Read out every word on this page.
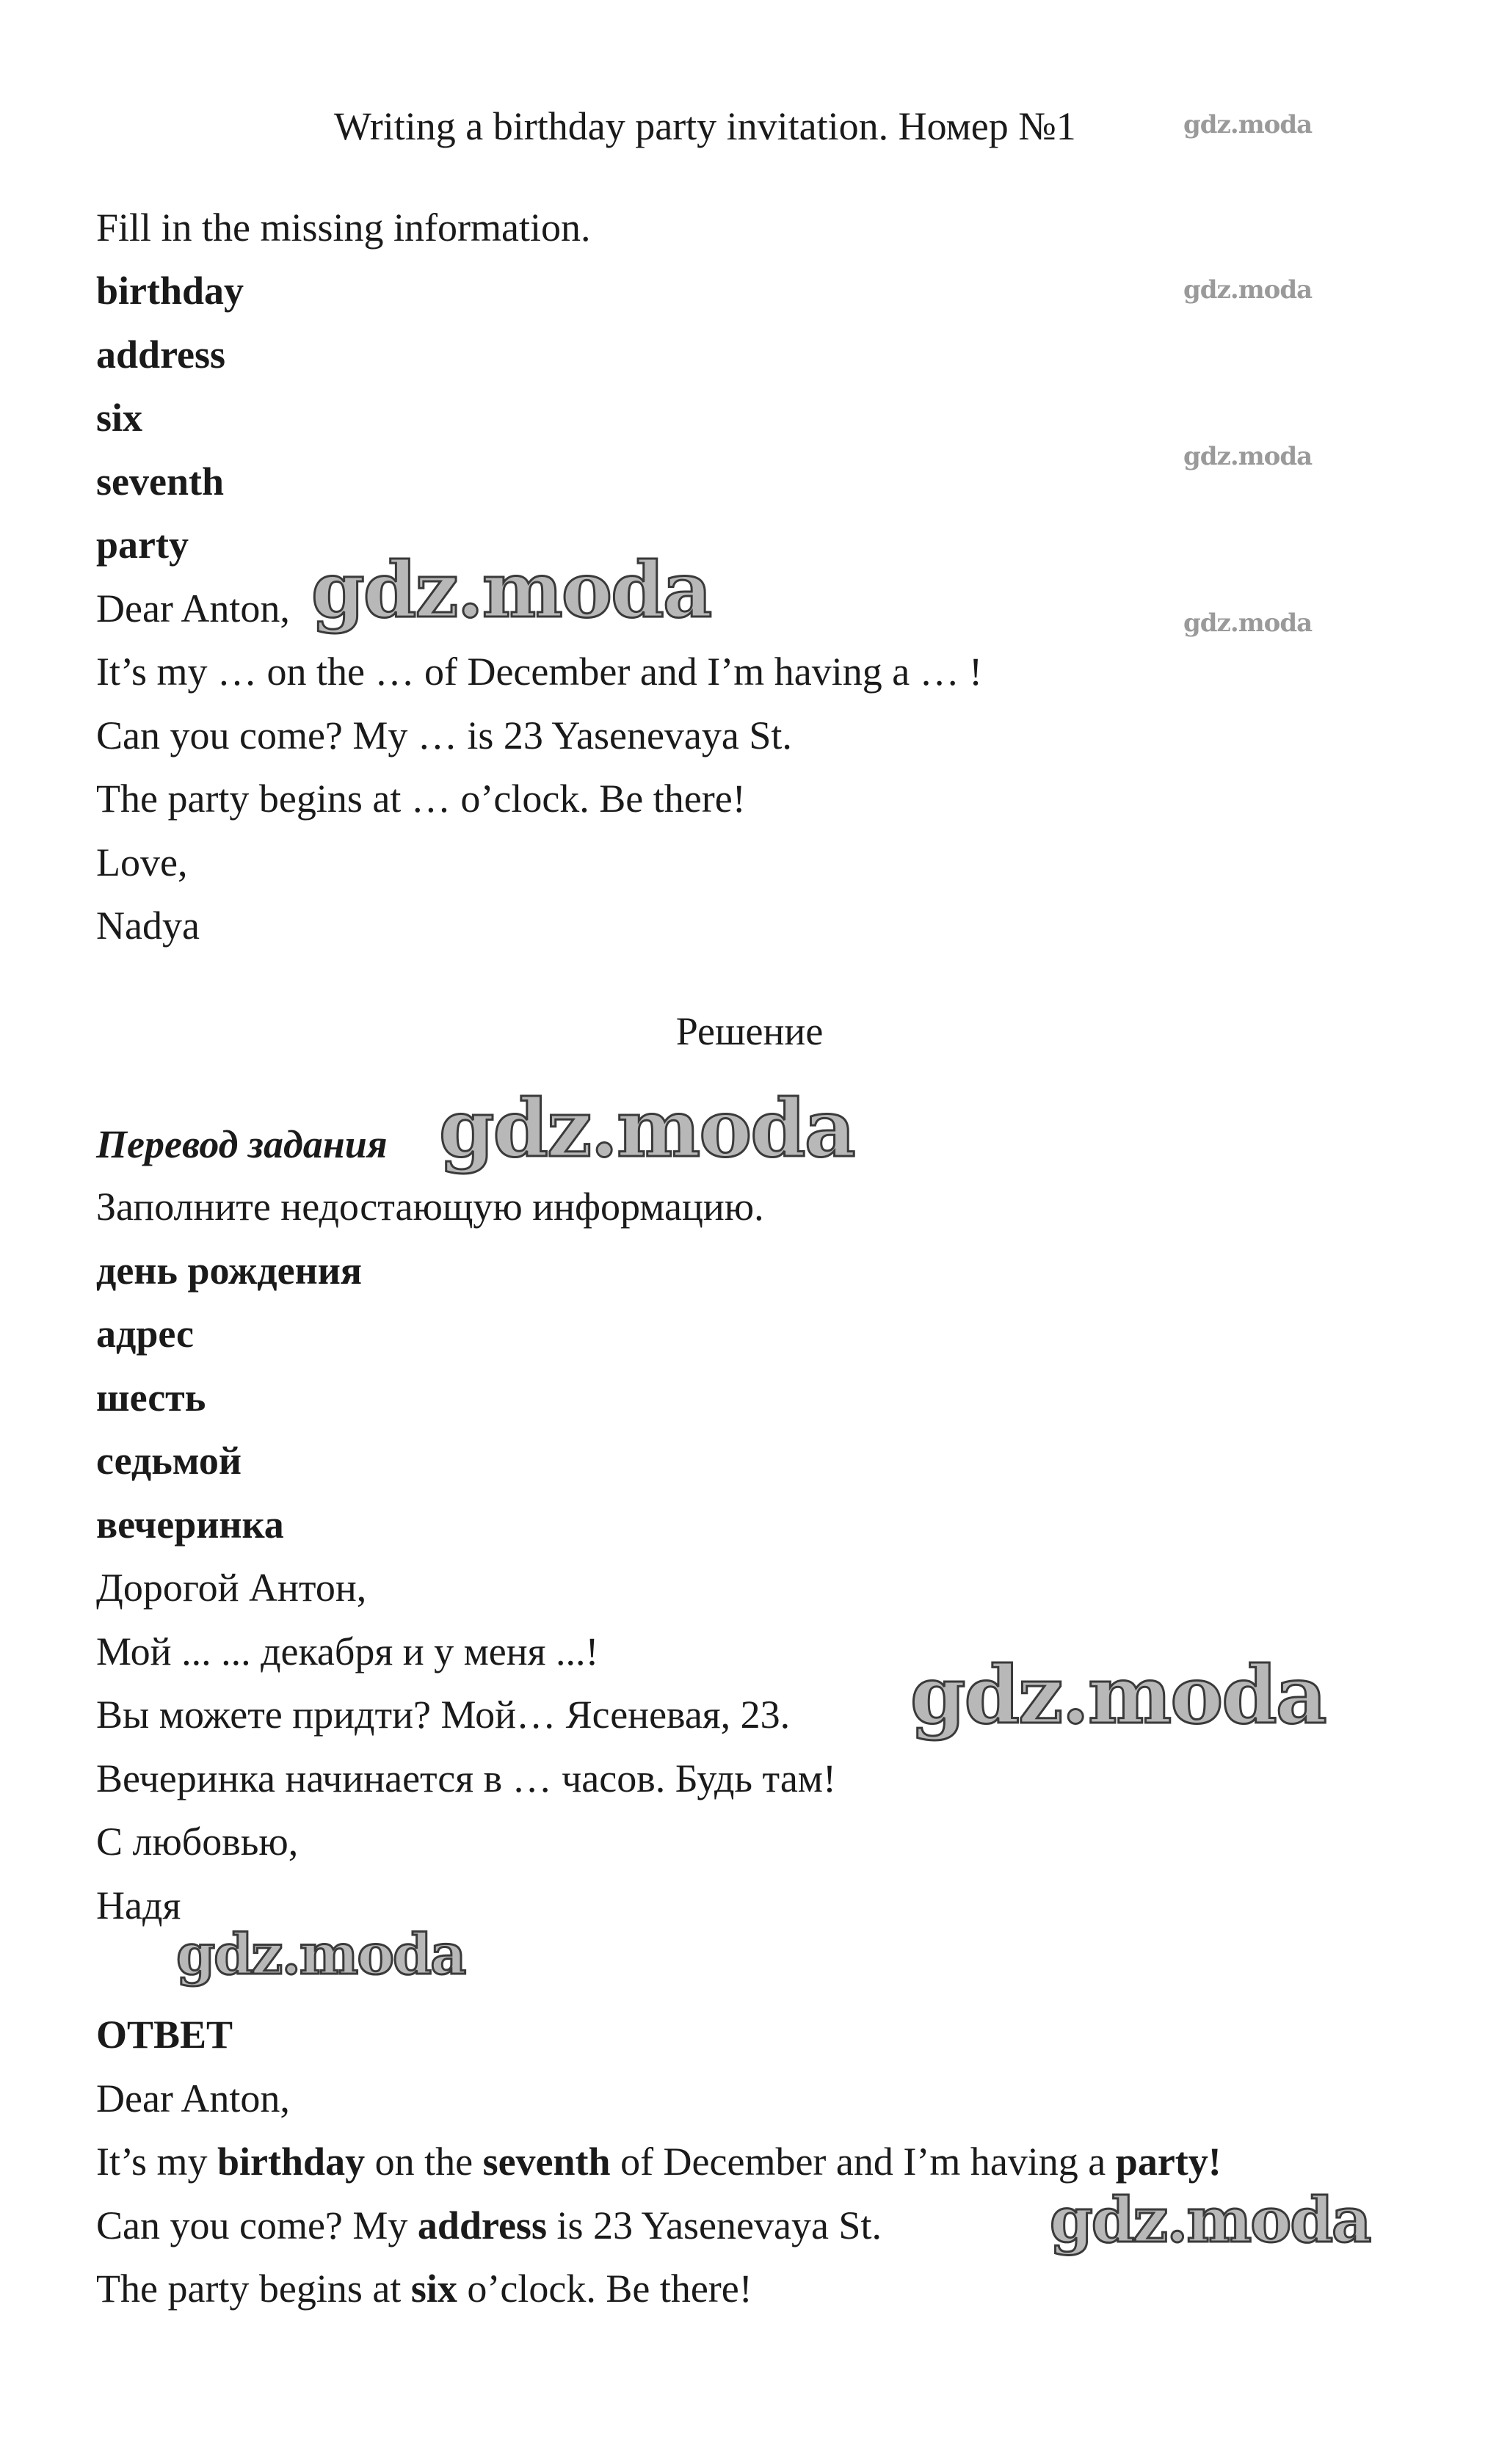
Writing a birthday party invitation. Номер №1	gdz.moda
gdz.moda
gdz.moda
gdz.moda
Fill in the missing information.
birthday
address
six
seventh
party
Dear Anton, gdz.moda
It’s my … on the … of December and I’m having a … !
Can you come? My … is 23 Yasenevaya St.
The party begins at … o’clock. Be there!
Love,
Nadya
Решение
Перевод задания gdz.moda
Заполните недостающую информацию.
день рождения
адрес
шесть
седьмой
вечеринка
Дорогой Антон,
Мой ... ... декабря и у меня ...!
Вы можете придти? Мой… Ясеневая, 23. gdz.moda
Вечеринка начинается в … часов. Будь там!
С любовью,
Надя
gdz.moda
ОТВЕТ
Dear Anton,
It’s my birthday on the seventh of December and I’m having a party!
Can you come? My address is 23 Yasenevaya St.	gdz.moda
The party begins at six o’clock. Be there!
